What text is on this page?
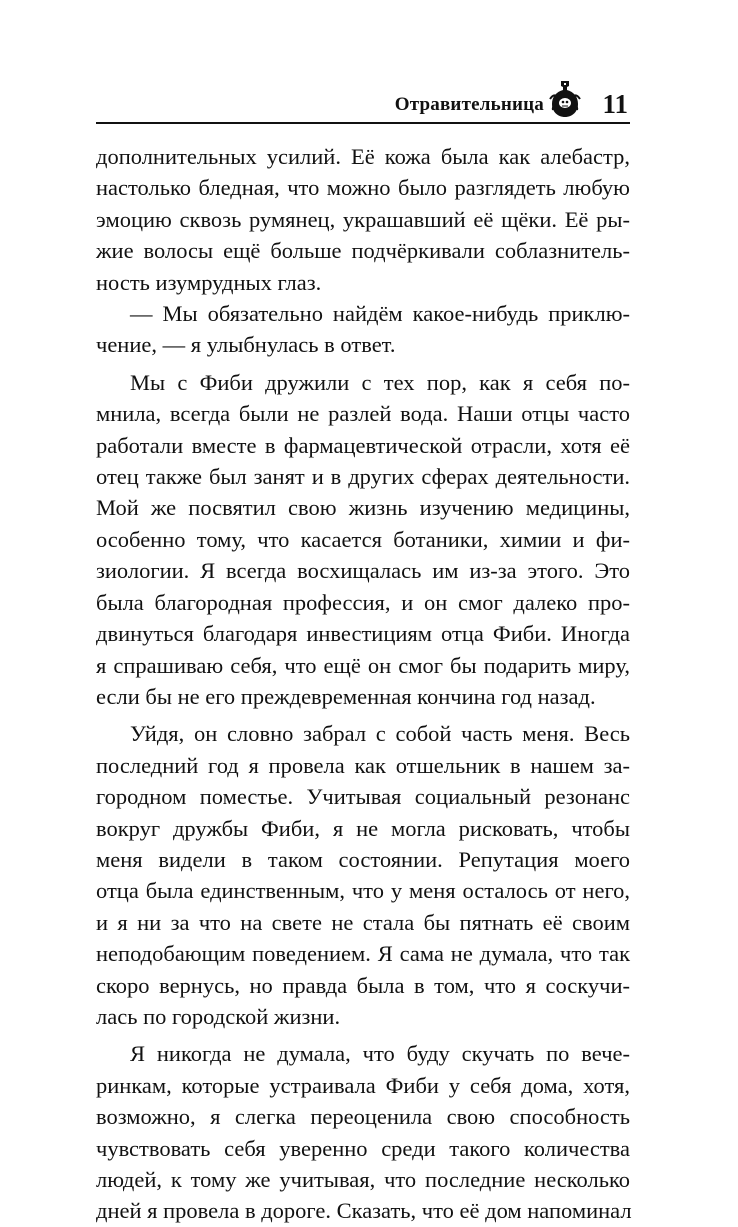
Отравительница 11
дополнительных усилий. Её кожа была как алебастр,
настолько бледная, что можно было разглядеть любую
эмоцию сквозь румянец, украшавший её щёки. Её ры-
жие волосы ещё больше подчёркивали соблазнитель-
ность изумрудных глаз.
— Мы обязательно найдём какое-нибудь приклю-
чение, — я улыбнулась в ответ.
Мы с Фиби дружили с тех пор, как я себя по-
мнила, всегда были не разлей вода. Наши отцы часто
работали вместе в фармацевтической отрасли, хотя её
отец также был занят и в других сферах деятельности.
Мой же посвятил свою жизнь изучению медицины,
особенно тому, что касается ботаники, химии и фи-
зиологии. Я всегда восхищалась им из-за этого. Это
была благородная профессия, и он смог далеко про-
двинуться благодаря инвестициям отца Фиби. Иногда
я спрашиваю себя, что ещё он смог бы подарить миру,
если бы не его преждевременная кончина год назад.
Уйдя, он словно забрал с собой часть меня. Весь
последний год я провела как отшельник в нашем за-
городном поместье. Учитывая социальный резонанс
вокруг дружбы Фиби, я не могла рисковать, чтобы
меня видели в таком состоянии. Репутация моего
отца была единственным, что у меня осталось от него,
и я ни за что на свете не стала бы пятнать её своим
неподобающим поведением. Я сама не думала, что так
скоро вернусь, но правда была в том, что я соскучи-
лась по городской жизни.
Я никогда не думала, что буду скучать по вече-
ринкам, которые устраивала Фиби у себя дома, хотя,
возможно, я слегка переоценила свою способность
чувствовать себя уверенно среди такого количества
людей, к тому же учитывая, что последние несколько
дней я провела в дороге. Сказать, что её дом напоминал
